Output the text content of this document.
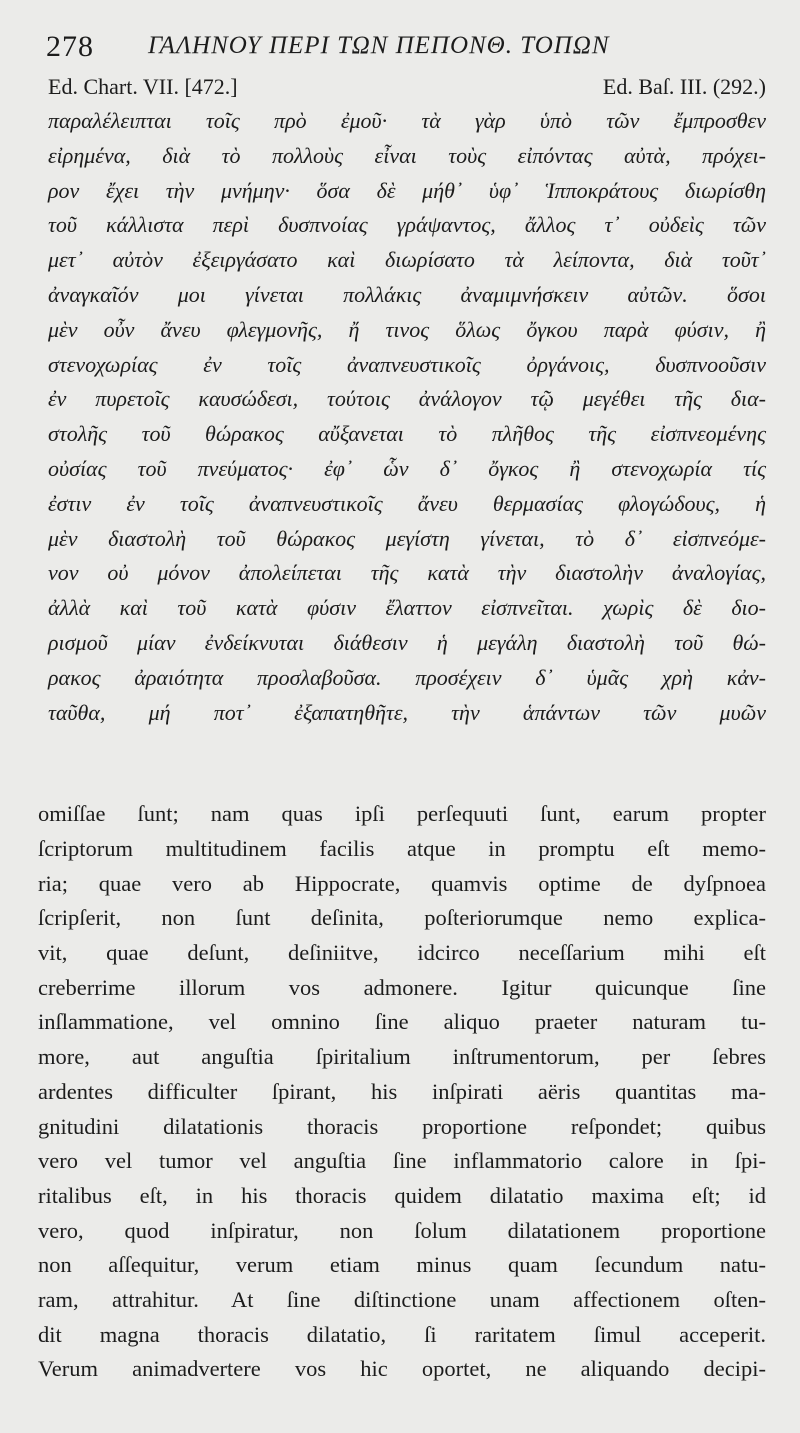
278 ΓΑΛΗΝΟΥ ΠΕΡΙ ΤΩΝ ΠΕΠΟΝΘ. ΤΟΠΩΝ
Ed. Chart. VII. [472.]	Ed. Baſ. III. (292.)
παραλέλειπται τοῖς πρὸ ἐμοῦ· τὰ γὰρ ὑπὸ τῶν ἔμπροσθεν
εἰρημένα, διὰ τὸ πολλοὺς εἶναι τοὺς εἰπόντας αὐτὰ, πρόχει-
ρον ἔχει τὴν μνήμην· ὅσα δὲ μήθ᾽ ὑφ᾽ Ἱπποκράτους διωρίσθη
τοῦ κάλλιστα περὶ δυσπνοίας γράψαντος, ἄλλος τ᾽ οὐδεὶς τῶν
μετ᾽ αὐτὸν ἐξειργάσατο καὶ διωρίσατο τὰ λείποντα, διὰ τοῦτ᾽
ἀναγκαῖόν μοι γίνεται πολλάκις ἀναμιμνήσκειν αὐτῶν. ὅσοι
μὲν οὖν ἄνευ φλεγμονῆς, ἤ τινος ὅλως ὄγκου παρὰ φύσιν, ἢ
στενοχωρίας ἐν τοῖς ἀναπνευστικοῖς ὀργάνοις, δυσπνοοῦσιν
ἐν πυρετοῖς καυσώδεσι, τούτοις ἀνάλογον τῷ μεγέθει τῆς δια-
στολῆς τοῦ θώρακος αὔξανεται τὸ πλῆθος τῆς εἰσπνεομένης
οὐσίας τοῦ πνεύματος· ἐφ᾽ ὧν δ᾽ ὄγκος ἢ στενοχωρία τίς
ἐστιν ἐν τοῖς ἀναπνευστικοῖς ἄνευ θερμασίας φλογώδους, ἡ
μὲν διαστολὴ τοῦ θώρακος μεγίστη γίνεται, τὸ δ᾽ εἰσπνεόμε-
νον οὐ μόνον ἀπολείπεται τῆς κατὰ τὴν διαστολὴν ἀναλογίας,
ἀλλὰ καὶ τοῦ κατὰ φύσιν ἔλαττον εἰσπνεῖται. χωρὶς δὲ διο-
ρισμοῦ μίαν ἐνδείκνυται διάθεσιν ἡ μεγάλη διαστολὴ τοῦ θώ-
ρακος ἀραιότητα προσλαβοῦσα. προσέχειν δ᾽ ὑμᾶς χρὴ κἀν-
ταῦθα, μή ποτ᾽ ἐξαπατηθῆτε, τὴν ἁπάντων τῶν μυῶν
omiſſae ſunt; nam quas ipſi perſequuti ſunt, earum propter
ſcriptorum multitudinem facilis atque in promptu eſt memo-
ria; quae vero ab Hippocrate, quamvis optime de dyſpnoea
ſcripſerit, non ſunt deſinita, poſteriorumque nemo explica-
vit, quae deſunt, deſiniitve, idcirco neceſſarium mihi eſt
creberrime illorum vos admonere. Igitur quicunque ſine
inſlammatione, vel omnino ſine aliquo praeter naturam tu-
more, aut anguſtia ſpiritalium inſtrumentorum, per ſebres
ardentes difficulter ſpirant, his inſpirati aëris quantitas ma-
gnitudini dilatationis thoracis proportione reſpondet; quibus
vero vel tumor vel anguſtia ſine inflammatorio calore in ſpi-
ritalibus eſt, in his thoracis quidem dilatatio maxima eſt; id
vero, quod inſpiratur, non ſolum dilatationem proportione
non aſſequitur, verum etiam minus quam ſecundum natu-
ram, attrahitur. At ſine diſtinctione unam affectionem oſten-
dit magna thoracis dilatatio, ſi raritatem ſimul acceperit.
Verum animadvertere vos hic oportet, ne aliquando decipi-
